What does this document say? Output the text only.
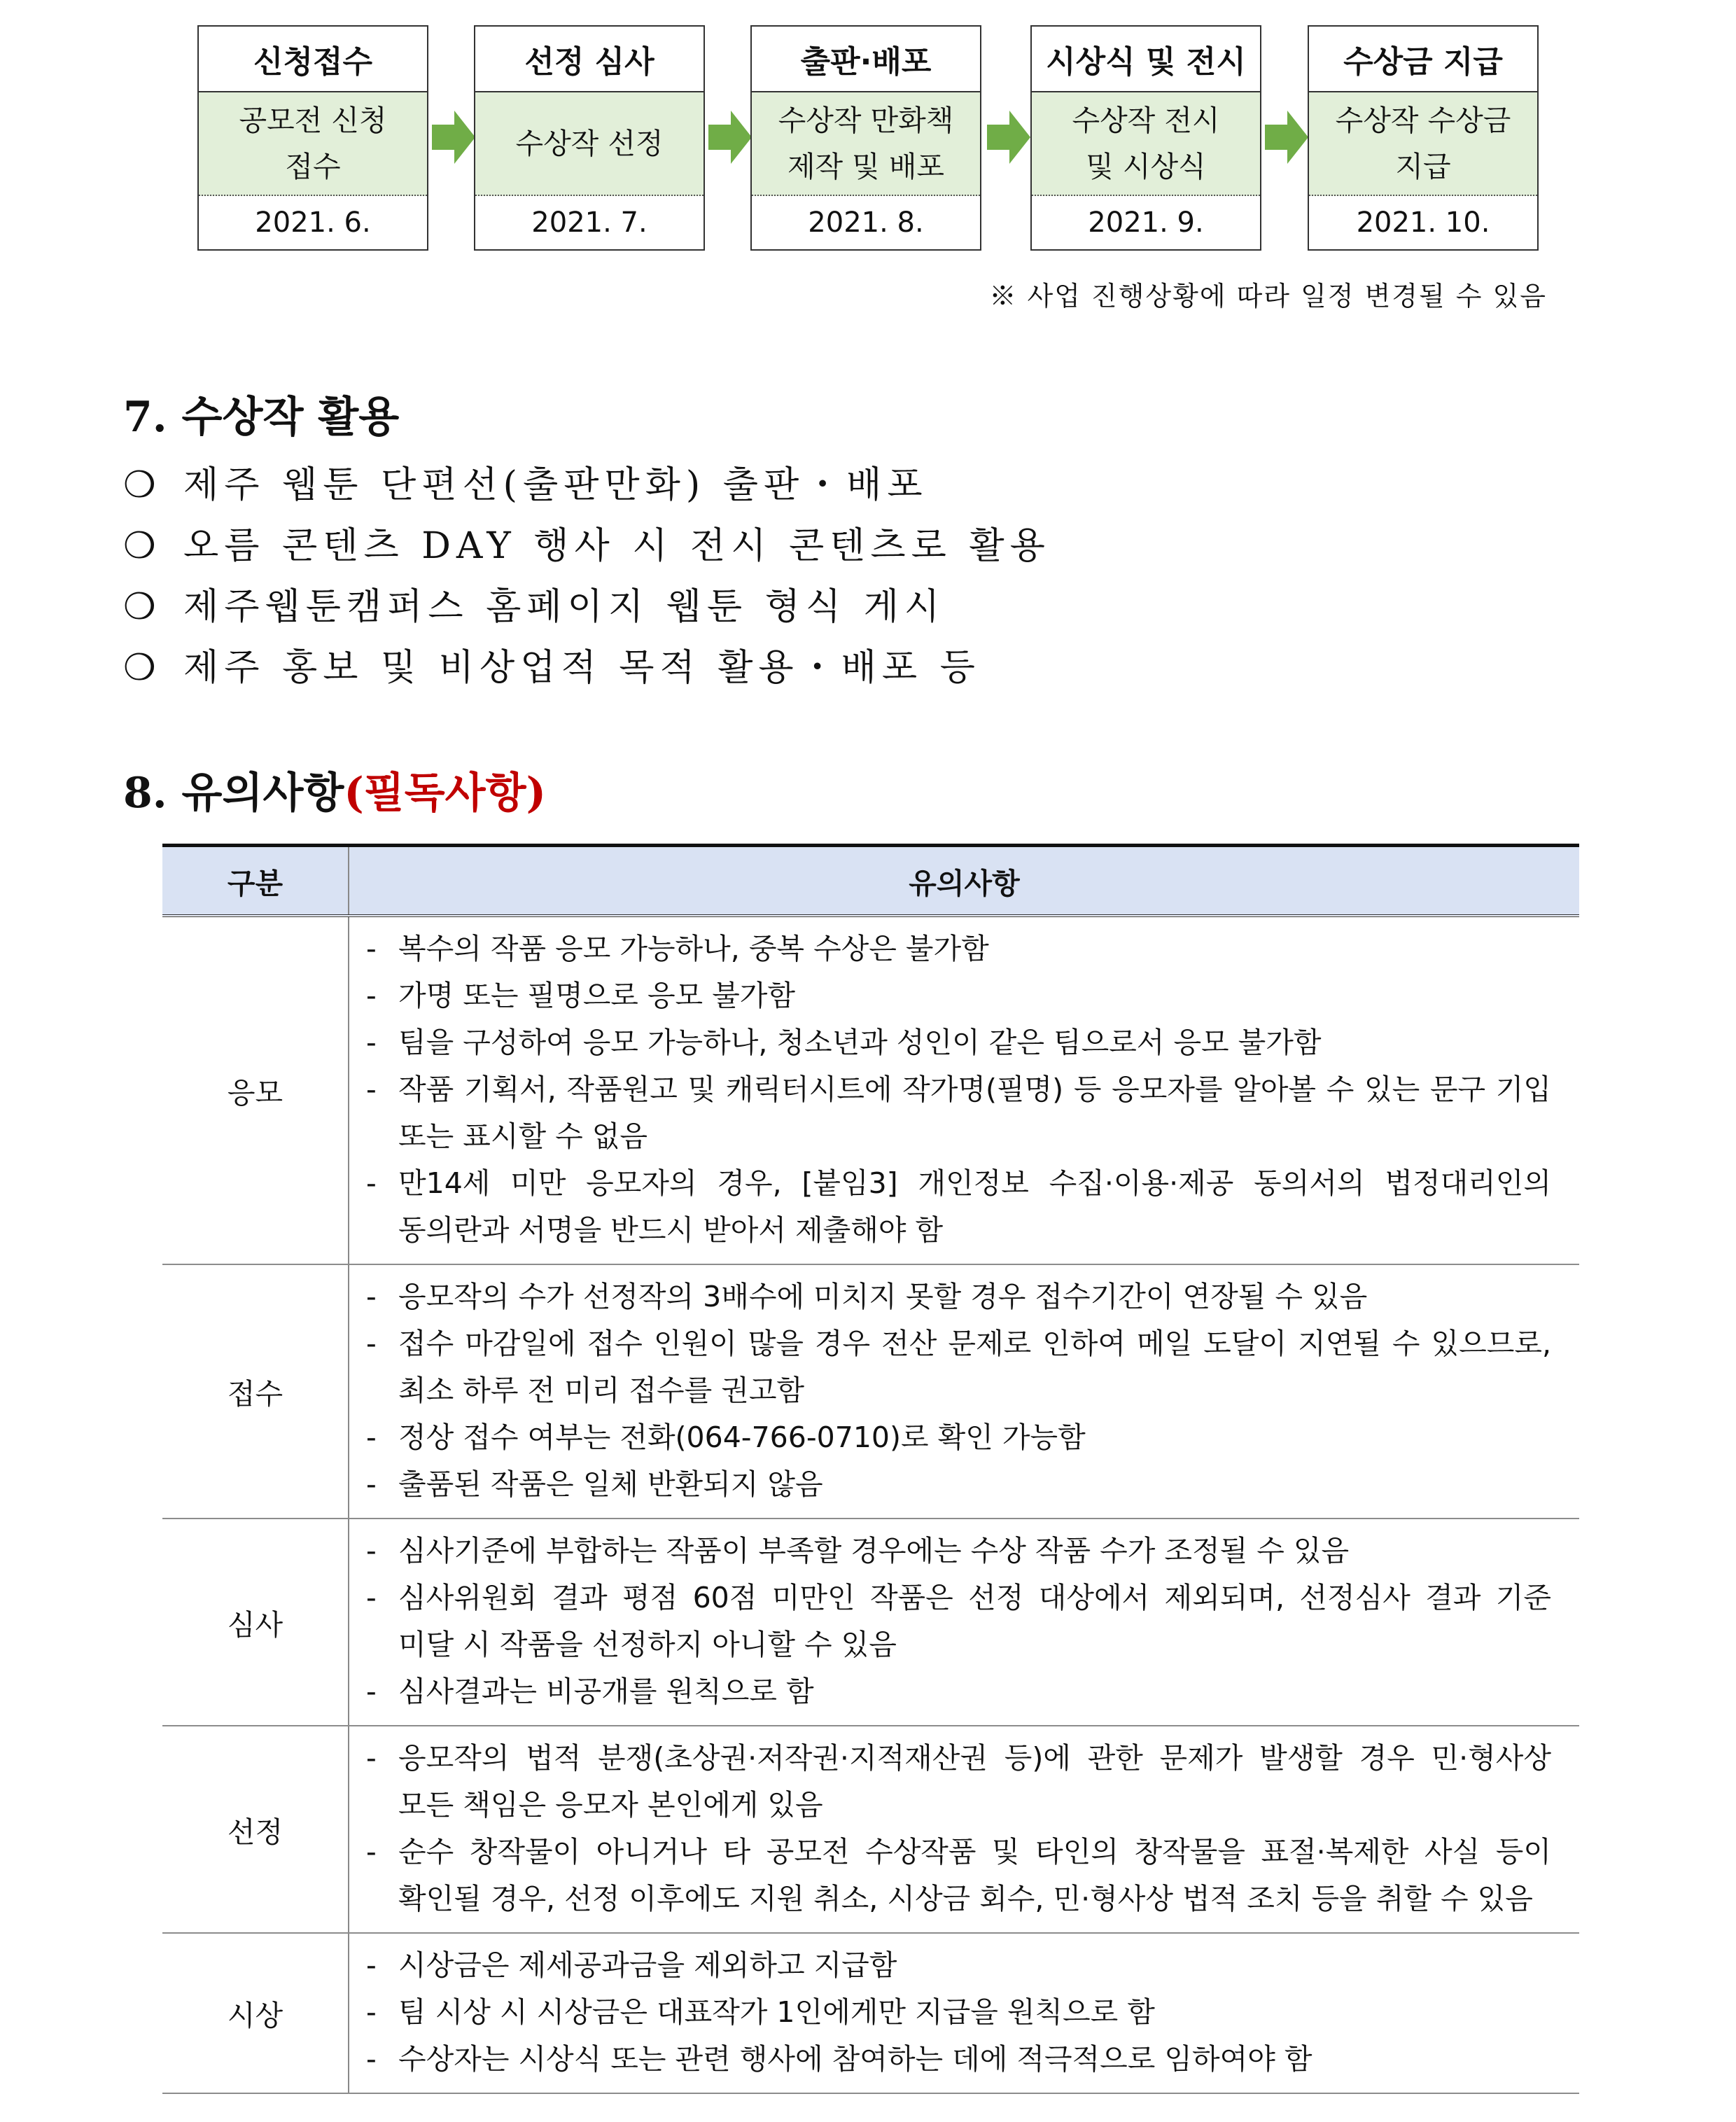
신청접수
공모전 신청 접수
2021. 6.
선정 심사
수상작 선정
2021. 7.
출판·배포
수상작 만화책 제작 및 배포
2021. 8.
시상식 및 전시
수상작 전시 및 시상식
2021. 9.
수상금 지급
수상작 수상금 지급
2021. 10.
※ 사업 진행상황에 따라 일정 변경될 수 있음
7. 수상작 활용
❍ 제주 웹툰 단편선(출판만화) 출판・배포
❍ 오름 콘텐츠 DAY 행사 시 전시 콘텐츠로 활용
❍ 제주웹툰캠퍼스 홈페이지 웹툰 형식 게시
❍ 제주 홍보 및 비상업적 목적 활용・배포 등
8. 유의사항(필독사항)
구분	유의사항
응모	- 복수의 작품 응모 가능하나, 중복 수상은 불가함
- 가명 또는 필명으로 응모 불가함
- 팀을 구성하여 응모 가능하나, 청소년과 성인이 같은 팀으로서 응모 불가함
- 작품 기획서, 작품원고 및 캐릭터시트에 작가명(필명) 등 응모자를 알아볼 수 있는 문구 기입 또는 표시할 수 없음
- 만14세 미만 응모자의 경우, [붙임3] 개인정보 수집·이용·제공 동의서의 법정대리인의 동의란과 서명을 반드시 받아서 제출해야 함

접수	- 응모작의 수가 선정작의 3배수에 미치지 못할 경우 접수기간이 연장될 수 있음
- 접수 마감일에 접수 인원이 많을 경우 전산 문제로 인하여 메일 도달이 지연될 수 있으므로, 최소 하루 전 미리 접수를 권고함
- 정상 접수 여부는 전화(064-766-0710)로 확인 가능함
- 출품된 작품은 일체 반환되지 않음

심사	- 심사기준에 부합하는 작품이 부족할 경우에는 수상 작품 수가 조정될 수 있음
- 심사위원회 결과 평점 60점 미만인 작품은 선정 대상에서 제외되며, 선정심사 결과 기준 미달 시 작품을 선정하지 아니할 수 있음
- 심사결과는 비공개를 원칙으로 함

선정	- 응모작의 법적 분쟁(초상권·저작권·지적재산권 등)에 관한 문제가 발생할 경우 민·형사상 모든 책임은 응모자 본인에게 있음
- 순수 창작물이 아니거나 타 공모전 수상작품 및 타인의 창작물을 표절·복제한 사실 등이 확인될 경우, 선정 이후에도 지원 취소, 시상금 회수, 민·형사상 법적 조치 등을 취할 수 있음

시상	- 시상금은 제세공과금을 제외하고 지급함
- 팀 시상 시 시상금은 대표작가 1인에게만 지급을 원칙으로 함
- 수상자는 시상식 또는 관련 행사에 참여하는 데에 적극적으로 임하여야 함
